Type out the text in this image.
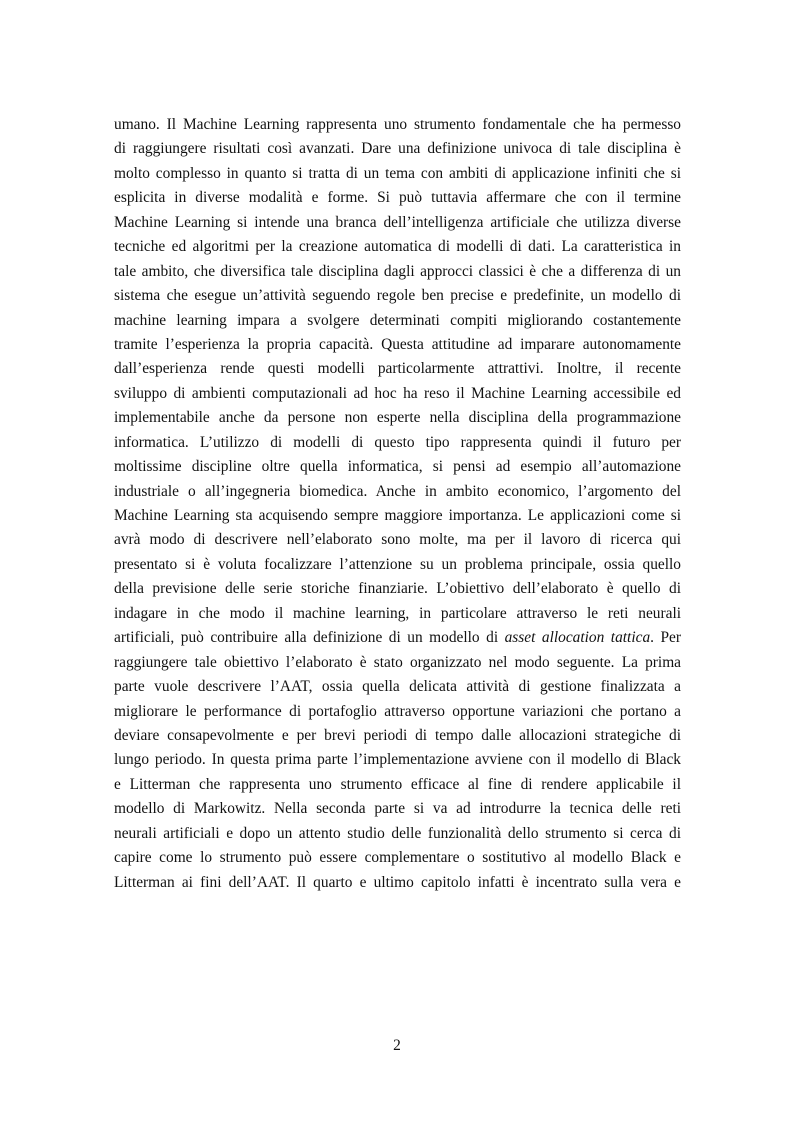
umano. Il Machine Learning rappresenta uno strumento fondamentale che ha permesso
di raggiungere risultati così avanzati. Dare una definizione univoca di tale disciplina è
molto complesso in quanto si tratta di un tema con ambiti di applicazione infiniti che si
esplicita in diverse modalità e forme. Si può tuttavia affermare che con il termine
Machine Learning si intende una branca dell’intelligenza artificiale che utilizza diverse
tecniche ed algoritmi per la creazione automatica di modelli di dati. La caratteristica in
tale ambito, che diversifica tale disciplina dagli approcci classici è che a differenza di un
sistema che esegue un’attività seguendo regole ben precise e predefinite, un modello di
machine learning impara a svolgere determinati compiti migliorando costantemente
tramite l’esperienza la propria capacità. Questa attitudine ad imparare autonomamente
dall’esperienza rende questi modelli particolarmente attrattivi. Inoltre, il recente
sviluppo di ambienti computazionali ad hoc ha reso il Machine Learning accessibile ed
implementabile anche da persone non esperte nella disciplina della programmazione
informatica. L’utilizzo di modelli di questo tipo rappresenta quindi il futuro per
moltissime discipline oltre quella informatica, si pensi ad esempio all’automazione
industriale o all’ingegneria biomedica. Anche in ambito economico, l’argomento del
Machine Learning sta acquisendo sempre maggiore importanza. Le applicazioni come si
avrà modo di descrivere nell’elaborato sono molte, ma per il lavoro di ricerca qui
presentato si è voluta focalizzare l’attenzione su un problema principale, ossia quello
della previsione delle serie storiche finanziarie. L’obiettivo dell’elaborato è quello di
indagare in che modo il machine learning, in particolare attraverso le reti neurali
artificiali, può contribuire alla definizione di un modello di asset allocation tattica. Per
raggiungere tale obiettivo l’elaborato è stato organizzato nel modo seguente. La prima
parte vuole descrivere l’AAT, ossia quella delicata attività di gestione finalizzata a
migliorare le performance di portafoglio attraverso opportune variazioni che portano a
deviare consapevolmente e per brevi periodi di tempo dalle allocazioni strategiche di
lungo periodo. In questa prima parte l’implementazione avviene con il modello di Black
e Litterman che rappresenta uno strumento efficace al fine di rendere applicabile il
modello di Markowitz. Nella seconda parte si va ad introdurre la tecnica delle reti
neurali artificiali e dopo un attento studio delle funzionalità dello strumento si cerca di
capire come lo strumento può essere complementare o sostitutivo al modello Black e
Litterman ai fini dell’AAT. Il quarto e ultimo capitolo infatti è incentrato sulla vera e
2
